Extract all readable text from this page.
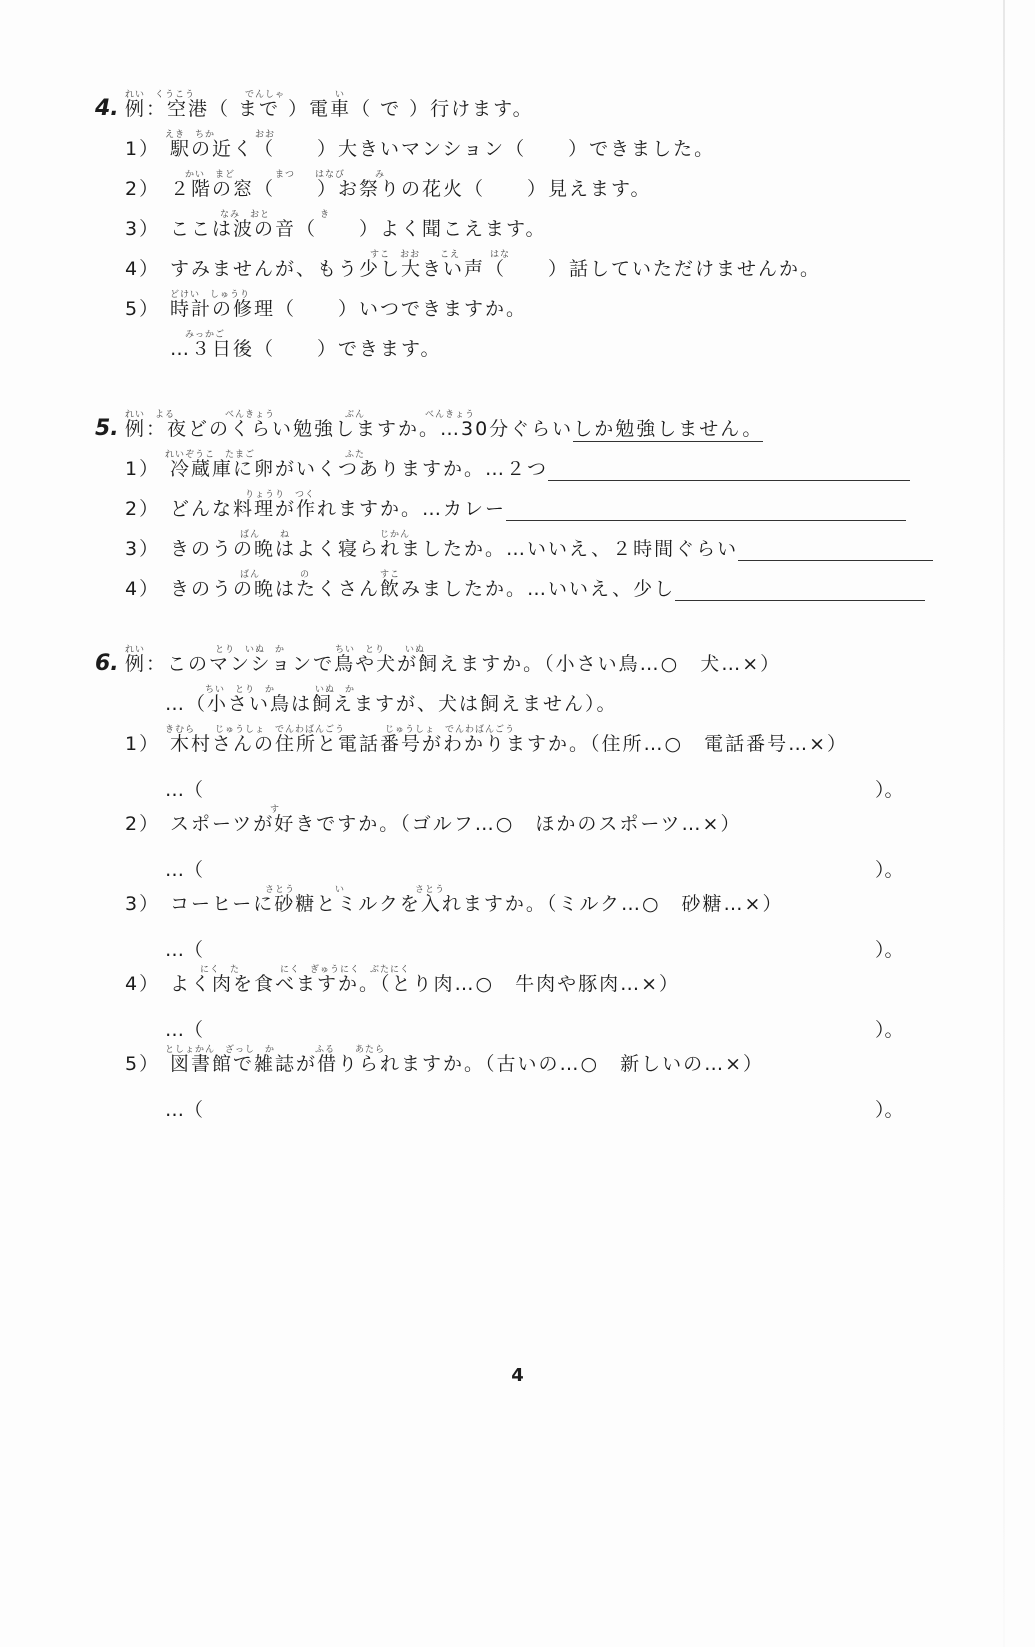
れい　くうこう　　　　　でんしゃ　　　　　い
4. 例：空港（ まで ）電車（ で ）行けます。
えき　ちか　　　　おお
1） 駅の近く（　　）大きいマンション（　　）できました。
かい　まど　　　　まつ　　はなび　　　み
2） ２階の窓（　　）お祭りの花火（　　）見えます。
なみ　おと　　　　　き
3） ここは波の音（　　）よく聞こえます。
すこ　おお　　こえ　　　はな
4） すみませんが、もう少し大きい声（　　）話していただけませんか。
どけい　しゅうり
5） 時計の修理（　　）いつできますか。
みっかご
…３日後（　　）できます。
れい　よる　　　　　べんきょう　　　　　　　ぶん　　　　　　べんきょう
5. 例：夜どのくらい勉強しますか。…30分ぐらいしか勉強しません。
れいぞうこ　たまご　　　　　　　　　ふた
1） 冷蔵庫に卵がいくつありますか。…２つ
りょうり　つく
2） どんな料理が作れますか。…カレー
ばん　　ね　　　　　　　　　じかん
3） きのうの晩はよく寝られましたか。…いいえ、２時間ぐらい
ばん　　　　の　　　　　　　すこ
4） きのうの晩はたくさん飲みましたか。…いいえ、少し
れい　　　　　　　とり　いぬ　か　　　　　ちい　とり　　いぬ
6. 例：このマンションで鳥や犬が飼えますか。（小さい鳥…○　犬…×）
ちい　とり　か　　　　いぬ　か
…（小さい鳥は飼えますが、犬は飼えません）。
きむら　　じゅうしょ　でんわばんごう　　　　じゅうしょ　でんわばんごう
1） 木村さんの住所と電話番号がわかりますか。（住所…○　電話番号…×）
…（	）。
す
2） スポーツが好きですか。（ゴルフ…○　ほかのスポーツ…×）
…（	）。
さとう　　　　い　　　　　　　さとう
3） コーヒーに砂糖とミルクを入れますか。（ミルク…○　砂糖…×）
…（	）。
にく　た　　　　にく　ぎゅうにく　ぶたにく
4） よく肉を食べますか。（とり肉…○　牛肉や豚肉…×）
…（	）。
としょかん　ざっし　か　　　　ふる　　あたら
5） 図書館で雑誌が借りられますか。（古いの…○　新しいの…×）
…（	）。
4
